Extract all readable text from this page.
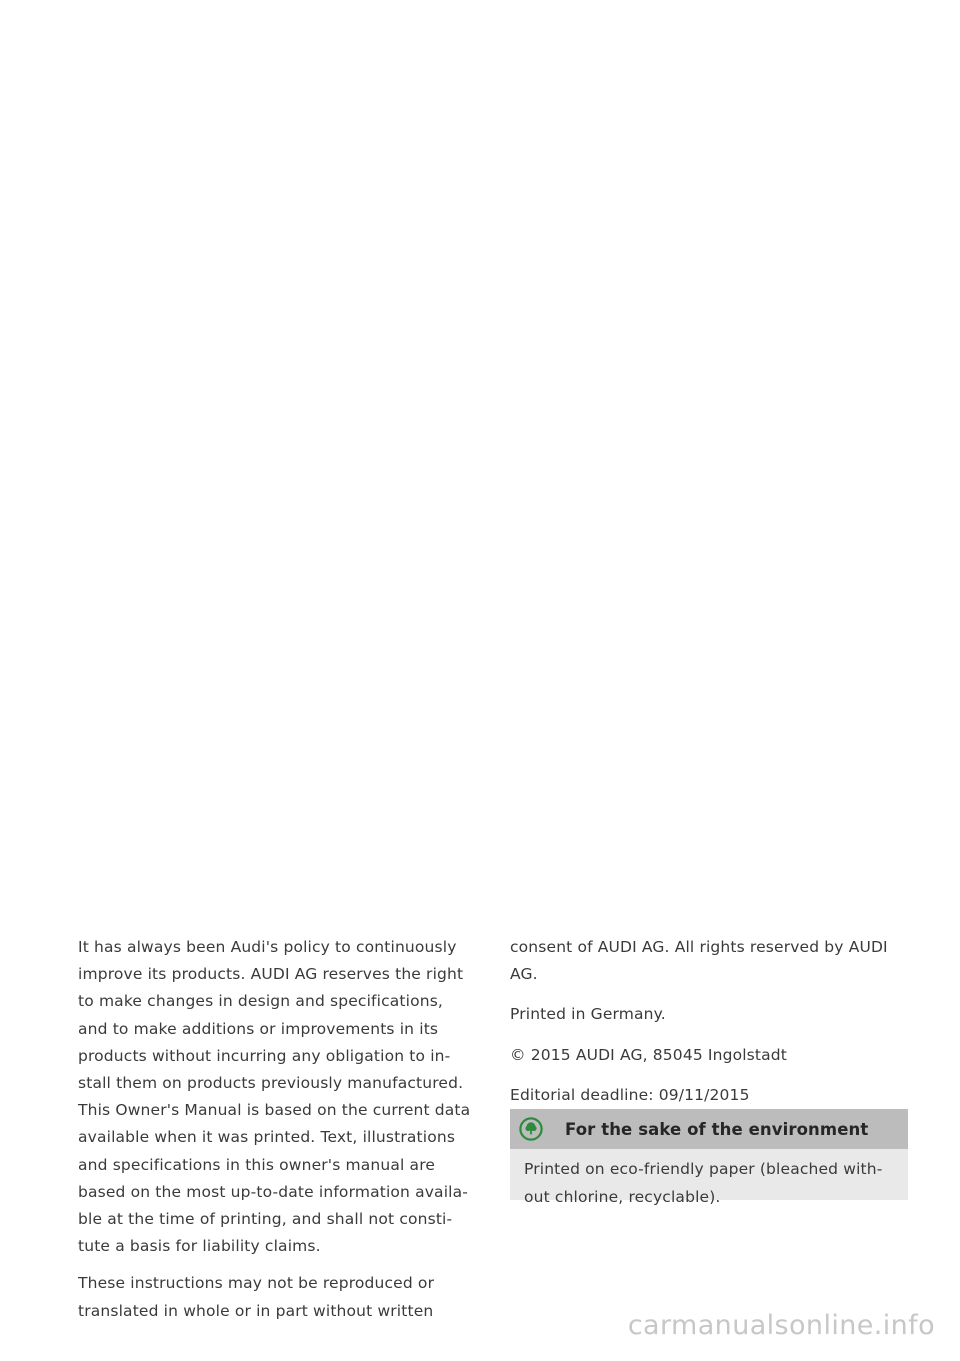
It has always been Audi's policy to continuously
improve its products. AUDI AG reserves the right
to make changes in design and specifications,
and to make additions or improvements in its
products without incurring any obligation to in-
stall them on products previously manufactured.
This Owner's Manual is based on the current data
available when it was printed. Text, illustrations
and specifications in this owner's manual are
based on the most up-to-date information availa-
ble at the time of printing, and shall not consti-
tute a basis for liability claims.

These instructions may not be reproduced or
translated in whole or in part without written

consent of AUDI AG. All rights reserved by AUDI
AG.

Printed in Germany.

© 2015 AUDI AG, 85045 Ingolstadt

Editorial deadline: 09/11/2015

For the sake of the environment
Printed on eco-friendly paper (bleached with-
out chlorine, recyclable).
carmanualsonline.info
